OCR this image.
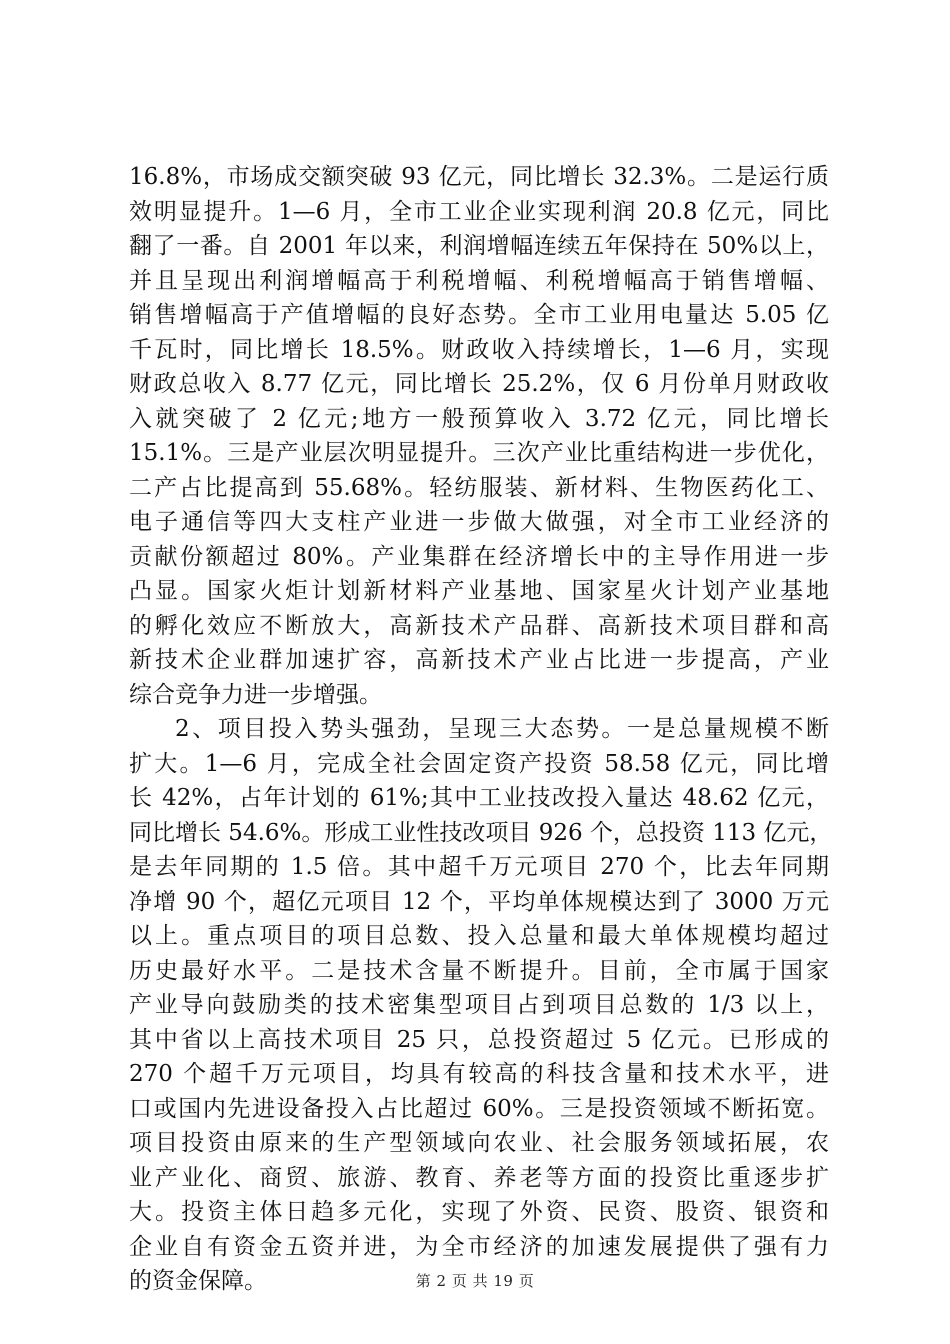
16.8%，市场成交额突破 93 亿元，同比增长 32.3%。二是运行质
效明显提升。1—6 月，全市工业企业实现利润 20.8 亿元，同比
翻了一番。自 2001 年以来，利润增幅连续五年保持在 50%以上，
并且呈现出利润增幅高于利税增幅、利税增幅高于销售增幅、
销售增幅高于产值增幅的良好态势。全市工业用电量达 5.05 亿
千瓦时，同比增长 18.5%。财政收入持续增长，1—6 月，实现
财政总收入 8.77 亿元，同比增长 25.2%，仅 6 月份单月财政收
入就突破了 2 亿元;地方一般预算收入 3.72 亿元，同比增长
15.1%。三是产业层次明显提升。三次产业比重结构进一步优化，
二产占比提高到 55.68%。轻纺服装、新材料、生物医药化工、
电子通信等四大支柱产业进一步做大做强，对全市工业经济的
贡献份额超过 80%。产业集群在经济增长中的主导作用进一步
凸显。国家火炬计划新材料产业基地、国家星火计划产业基地
的孵化效应不断放大，高新技术产品群、高新技术项目群和高
新技术企业群加速扩容，高新技术产业占比进一步提高，产业
综合竞争力进一步增强。
2、项目投入势头强劲，呈现三大态势。一是总量规模不断
扩大。1—6 月，完成全社会固定资产投资 58.58 亿元，同比增
长 42%，占年计划的 61%;其中工业技改投入量达 48.62 亿元，
同比增长 54.6%。形成工业性技改项目 926 个，总投资 113 亿元，
是去年同期的 1.5 倍。其中超千万元项目 270 个，比去年同期
净增 90 个，超亿元项目 12 个，平均单体规模达到了 3000 万元
以上。重点项目的项目总数、投入总量和最大单体规模均超过
历史最好水平。二是技术含量不断提升。目前，全市属于国家
产业导向鼓励类的技术密集型项目占到项目总数的 1/3 以上，
其中省以上高技术项目 25 只，总投资超过 5 亿元。已形成的
270 个超千万元项目，均具有较高的科技含量和技术水平，进
口或国内先进设备投入占比超过 60%。三是投资领域不断拓宽。
项目投资由原来的生产型领域向农业、社会服务领域拓展，农
业产业化、商贸、旅游、教育、养老等方面的投资比重逐步扩
大。投资主体日趋多元化，实现了外资、民资、股资、银资和
企业自有资金五资并进，为全市经济的加速发展提供了强有力
的资金保障。	第 2 页 共 19 页
